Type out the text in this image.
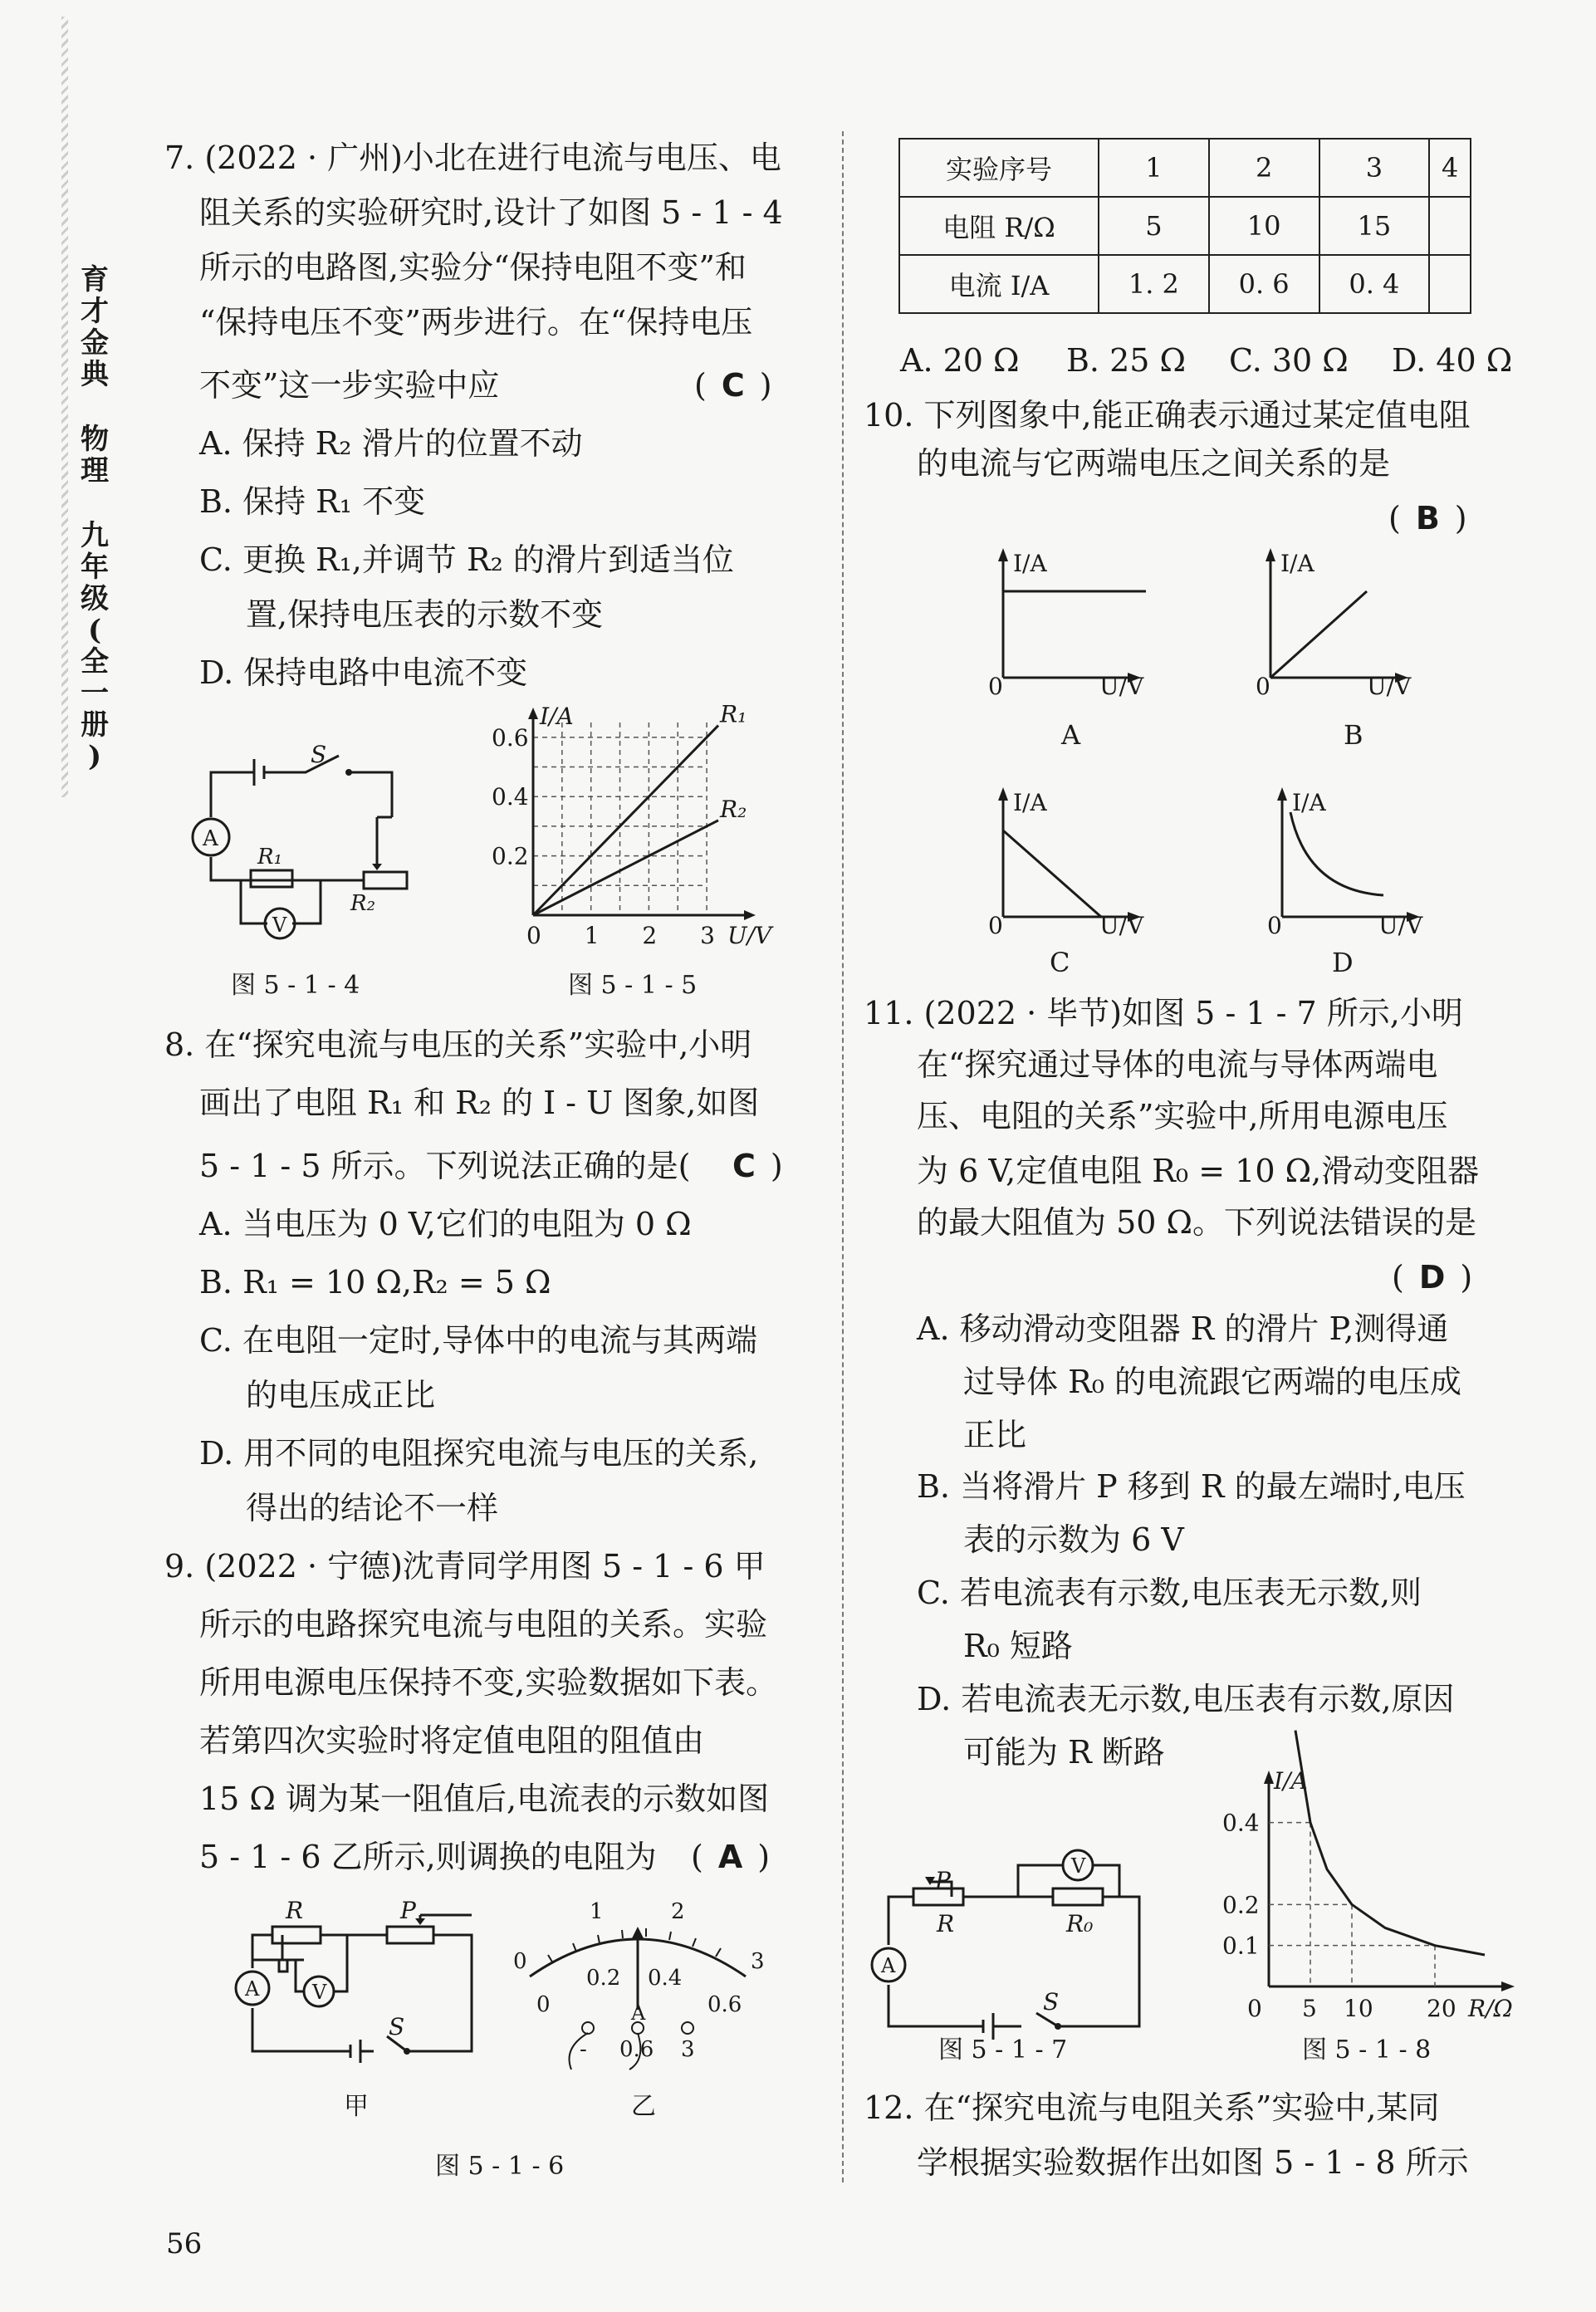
育
才
金
典
物
理
九
年
级
(
全
一
册
)
7. (2022 · 广州)小北在进行电流与电压、电
阻关系的实验研究时,设计了如图 5 - 1 - 4
所示的电路图,实验分“保持电阻不变”和
“保持电压不变”两步进行。在“保持电压
不变”这一步实验中应	( C )
A. 保持 R₂ 滑片的位置不动
B. 保持 R₁ 不变
C. 更换 R₁,并调节 R₂ 的滑片到适当位
置,保持电压表的示数不变
D. 保持电路中电流不变
S
A
V
R₁
R₂
图 5 - 1 - 4
I/A
U/V
0 1 2 3
0.2
0.4
0.6
R₁
R₂
图 5 - 1 - 5
8. 在“探究电流与电压的关系”实验中,小明
画出了电阻 R₁ 和 R₂ 的 I - U 图象,如图
5 - 1 - 5 所示。下列说法正确的是(	C )
A. 当电压为 0 V,它们的电阻为 0 Ω
B. R₁ = 10 Ω,R₂ = 5 Ω
C. 在电阻一定时,导体中的电流与其两端
的电压成正比
D. 用不同的电阻探究电流与电压的关系,
得出的结论不一样
9. (2022 · 宁德)沈青同学用图 5 - 1 - 6 甲
所示的电路探究电流与电阻的关系。实验
所用电源电压保持不变,实验数据如下表。
若第四次实验时将定值电阻的阻值由
15 Ω 调为某一阻值后,电流表的示数如图
5 - 1 - 6 乙所示,则调换的电阻为 ( A )
R	P
S
A	V
甲
0
1	2
3
0
0.2 0.4
0.6
A
- 0.6 3
乙
图 5 - 1 - 6
56
实验序号	1	2	3	4
电阻 R/Ω	5	10	15	
电流 I/A	1. 2	0. 6	0. 4	
A. 20 Ω B. 25 Ω C. 30 Ω D. 40 Ω
10. 下列图象中,能正确表示通过某定值电阻
的电流与它两端电压之间关系的是
( B )
I/A
U/V
0
A
I/A
U/V
0
B
I/A
U/V
0
C
I/A
U/V
0
D
11. (2022 · 毕节)如图 5 - 1 - 7 所示,小明
在“探究通过导体的电流与导体两端电
压、电阻的关系”实验中,所用电源电压
为 6 V,定值电阻 R₀ = 10 Ω,滑动变阻器
的最大阻值为 50 Ω。下列说法错误的是
( D )
A. 移动滑动变阻器 R 的滑片 P,测得通
过导体 R₀ 的电流跟它两端的电压成
正比
B. 当将滑片 P 移到 R 的最左端时,电压
表的示数为 6 V
C. 若电流表有示数,电压表无示数,则
R₀ 短路
D. 若电流表无示数,电压表有示数,原因
可能为 R 断路
P
R	R₀
V
A
S
图 5 - 1 - 7
I/A
R/Ω
0 5 10 20
0.4
0.2
0.1
图 5 - 1 - 8
12. 在“探究电流与电阻关系”实验中,某同
学根据实验数据作出如图 5 - 1 - 8 所示
